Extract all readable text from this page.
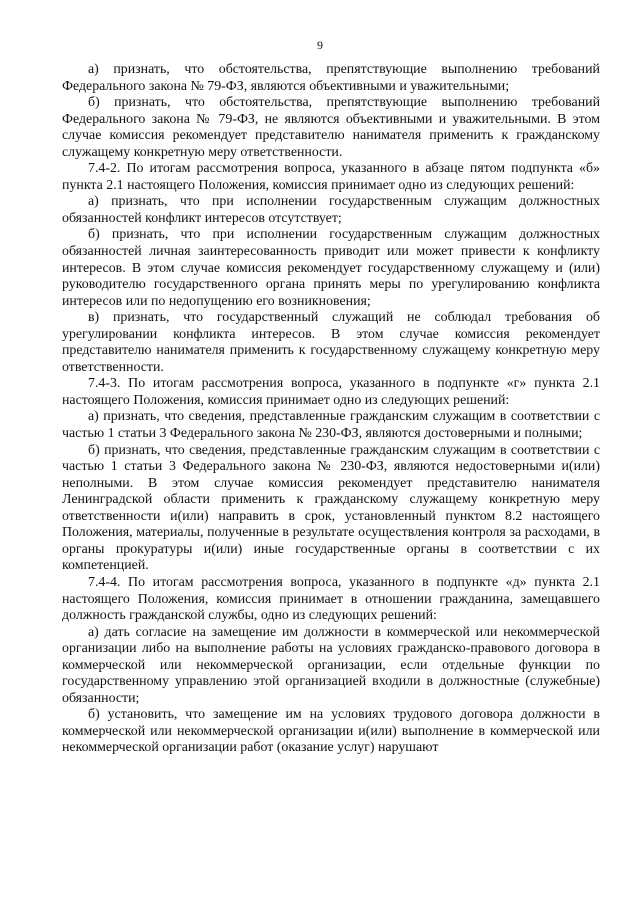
9

а) признать, что обстоятельства, препятствующие выполнению требований Федерального закона № 79-ФЗ, являются объективными и уважительными;

б) признать, что обстоятельства, препятствующие выполнению требований Федерального закона № 79-ФЗ, не являются объективными и уважительными. В этом случае комиссия рекомендует представителю нанимателя применить к гражданскому служащему конкретную меру ответственности.

7.4-2. По итогам рассмотрения вопроса, указанного в абзаце пятом подпункта «б» пункта 2.1 настоящего Положения, комиссия принимает одно из следующих решений:

а) признать, что при исполнении государственным служащим должностных обязанностей конфликт интересов отсутствует;

б) признать, что при исполнении государственным служащим должностных обязанностей личная заинтересованность приводит или может привести к конфликту интересов. В этом случае комиссия рекомендует государственному служащему и (или) руководителю государственного органа принять меры по урегулированию конфликта интересов или по недопущению его возникновения;

в) признать, что государственный служащий не соблюдал требования об урегулировании конфликта интересов. В этом случае комиссия рекомендует представителю нанимателя применить к государственному служащему конкретную меру ответственности.

7.4-3. По итогам рассмотрения вопроса, указанного в подпункте «г» пункта 2.1 настоящего Положения, комиссия принимает одно из следующих решений:

а) признать, что сведения, представленные гражданским служащим в соответствии с частью 1 статьи 3 Федерального закона № 230-ФЗ, являются достоверными и полными;

б) признать, что сведения, представленные гражданским служащим в соответствии с частью 1 статьи 3 Федерального закона № 230-ФЗ, являются недостоверными и(или) неполными. В этом случае комиссия рекомендует представителю нанимателя Ленинградской области применить к гражданскому служащему конкретную меру ответственности и(или) направить в срок, установленный пунктом 8.2 настоящего Положения, материалы, полученные в результате осуществления контроля за расходами, в органы прокуратуры и(или) иные государственные органы в соответствии с их компетенцией.

7.4-4. По итогам рассмотрения вопроса, указанного в подпункте «д» пункта 2.1 настоящего Положения, комиссия принимает в отношении гражданина, замещавшего должность гражданской службы, одно из следующих решений:

а) дать согласие на замещение им должности в коммерческой или некоммерческой организации либо на выполнение работы на условиях гражданско-правового договора в коммерческой или некоммерческой организации, если отдельные функции по государственному управлению этой организацией входили в должностные (служебные) обязанности;

б) установить, что замещение им на условиях трудового договора должности в коммерческой или некоммерческой организации и(или) выполнение в коммерческой или некоммерческой организации работ (оказание услуг) нарушают
